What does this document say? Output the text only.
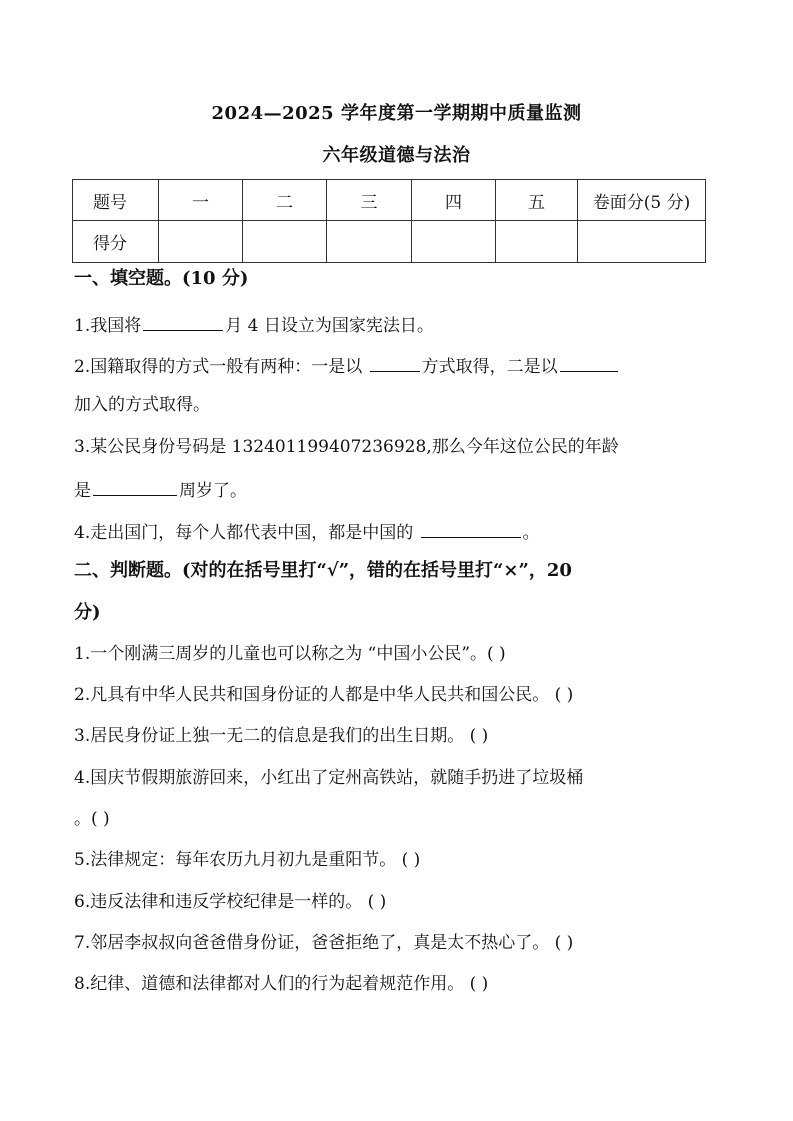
2024—2025 学年度第一学期期中质量监测
六年级道德与法治
题号	一	二	三	四	五	卷面分(5 分)
得分						
一、填空题。(10 分)
1.我国将	月 4 日设立为国家宪法日。
2.国籍取得的方式一般有两种：一是以	方式取得，二是以
加入的方式取得。
3.某公民身份号码是 132401199407236928,那么今年这位公民的年龄
是	周岁了。
4.走出国门，每个人都代表中国，都是中国的	。
二、判断题。(对的在括号里打“√”，错的在括号里打“×”，20
分)
1.一个刚满三周岁的儿童也可以称之为 “中国小公民”。( )
2.凡具有中华人民共和国身份证的人都是中华人民共和国公民。 ( )
3.居民身份证上独一无二的信息是我们的出生日期。 ( )
4.国庆节假期旅游回来，小红出了定州高铁站，就随手扔进了垃圾桶
。( )
5.法律规定：每年农历九月初九是重阳节。 ( )
6.违反法律和违反学校纪律是一样的。 ( )
7.邻居李叔叔向爸爸借身份证，爸爸拒绝了，真是太不热心了。 ( )
8.纪律、道德和法律都对人们的行为起着规范作用。 ( )
